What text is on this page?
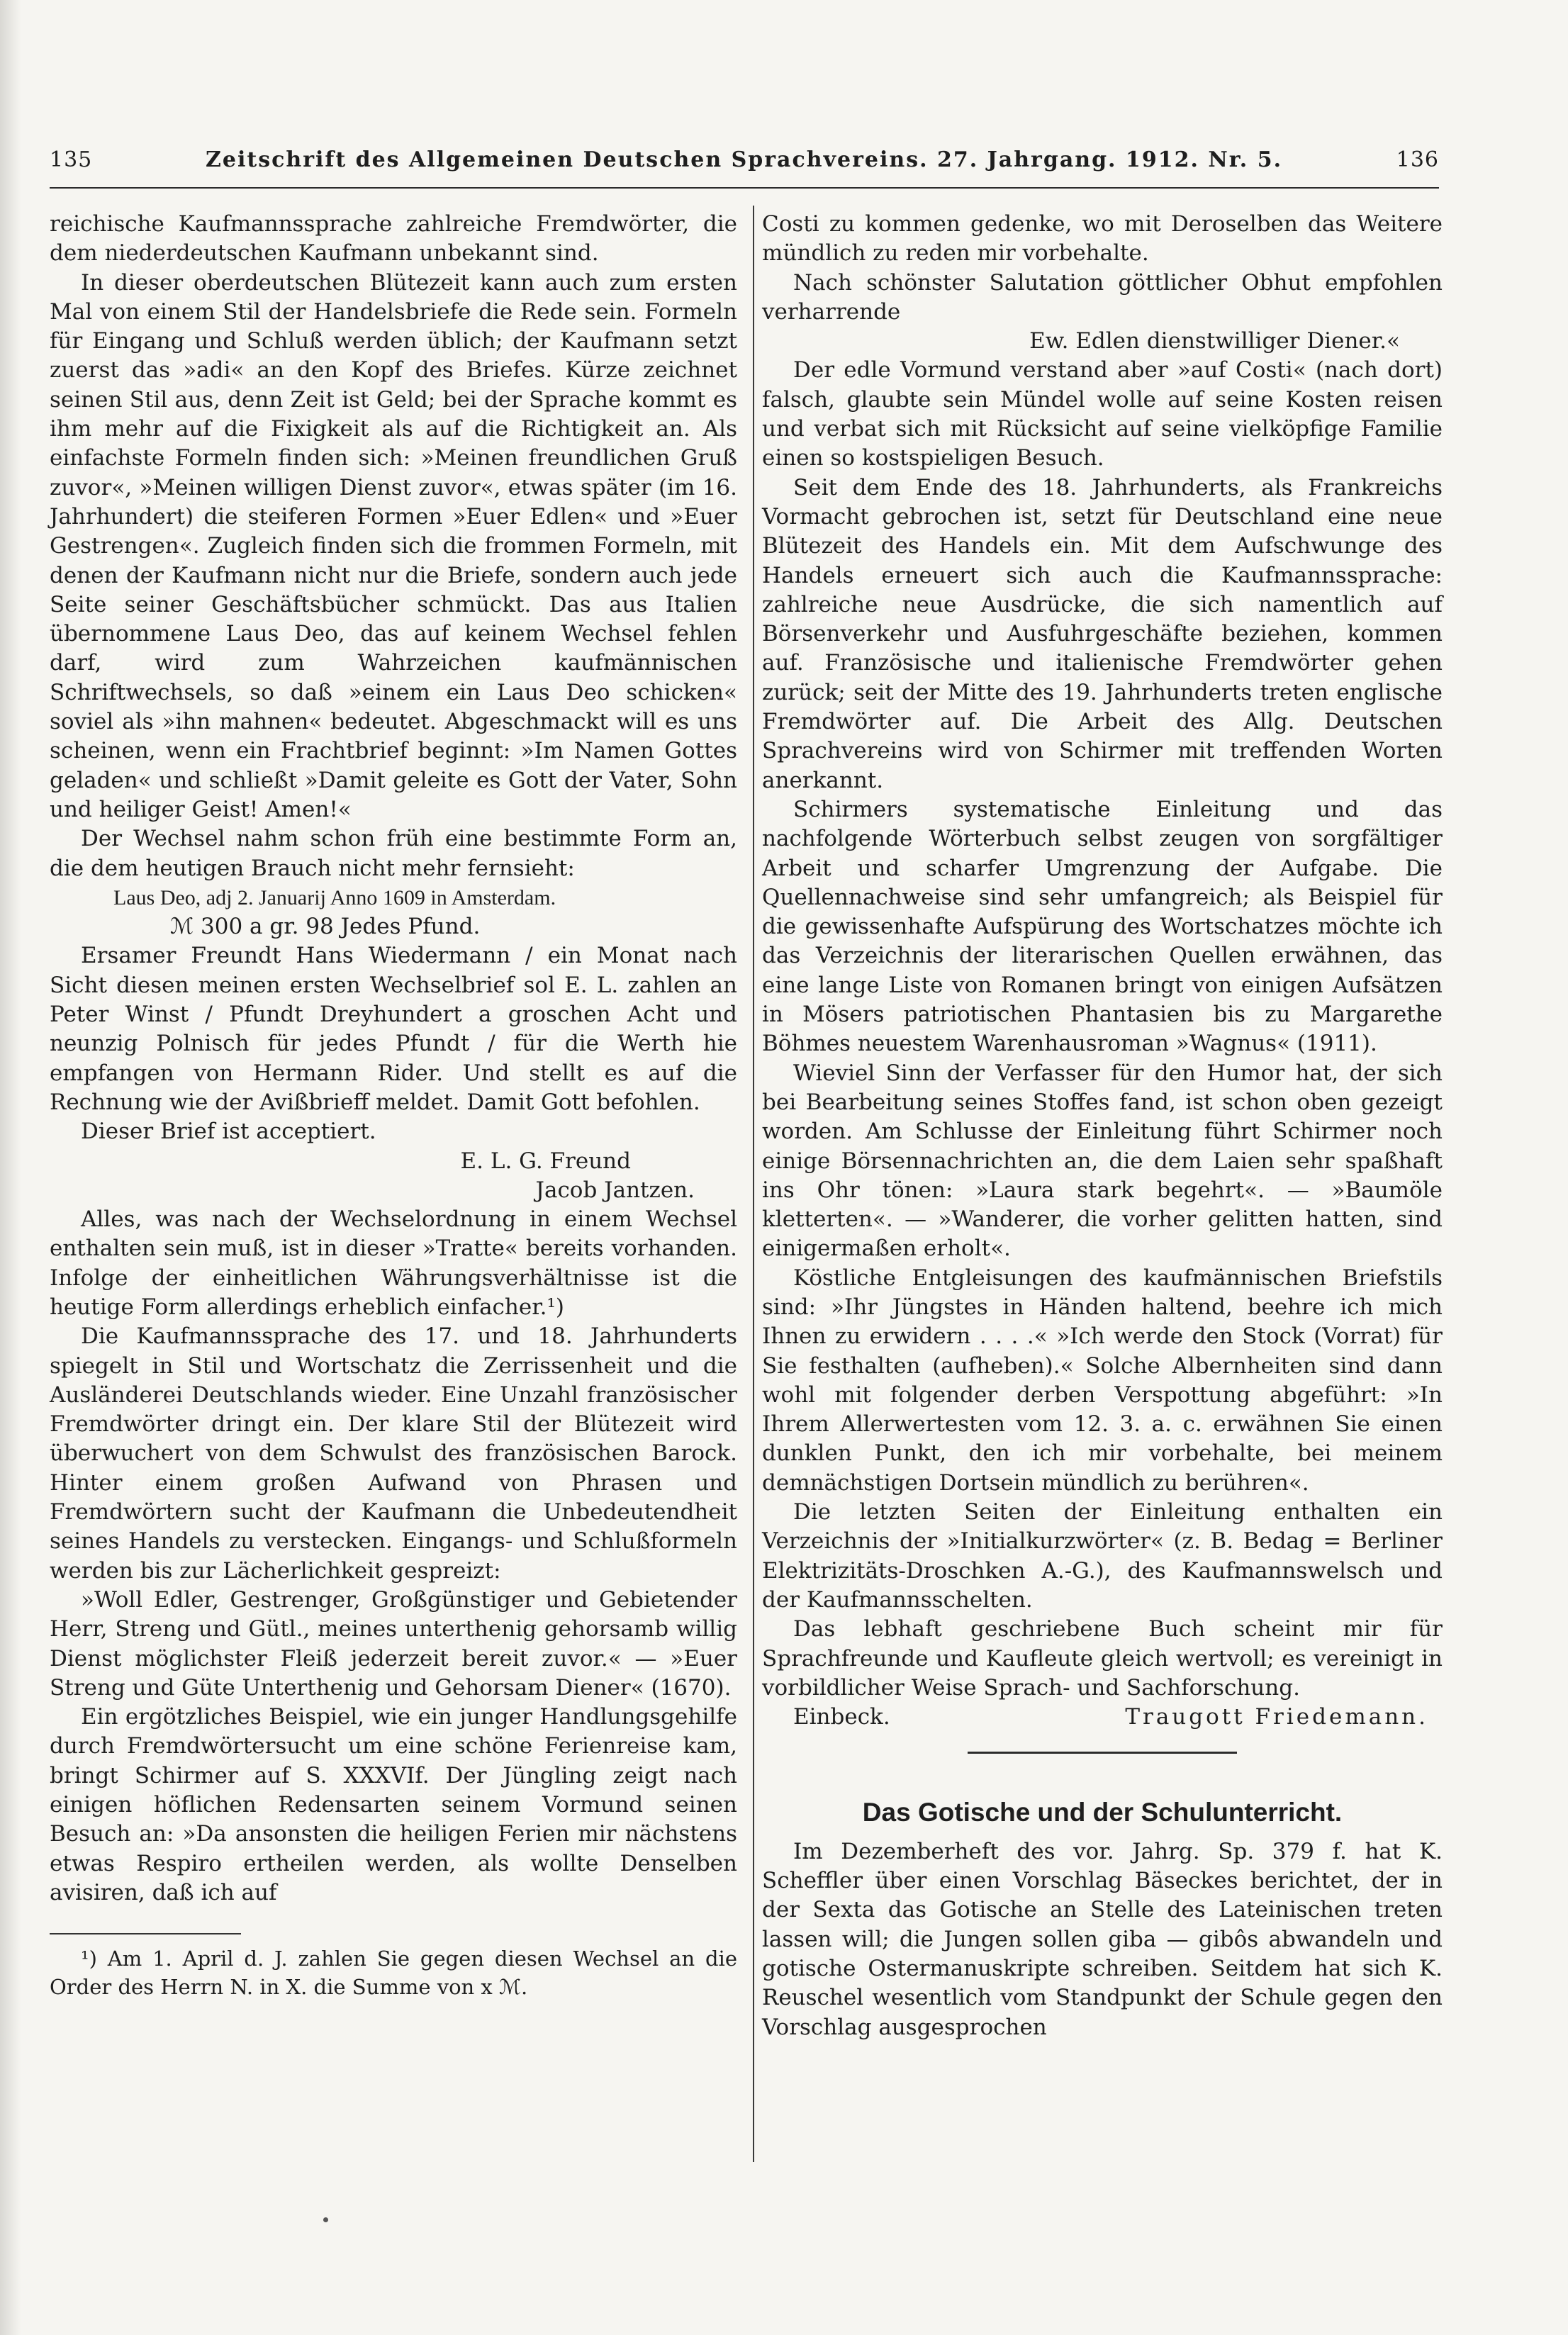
135	Zeitschrift des Allgemeinen Deutschen Sprachvereins. 27. Jahrgang. 1912. Nr. 5.	136

reichische Kaufmannssprache zahlreiche Fremdwörter, die dem niederdeutschen Kaufmann unbekannt sind.

In dieser oberdeutschen Blütezeit kann auch zum ersten Mal von einem Stil der Handelsbriefe die Rede sein. Formeln für Eingang und Schluß werden üblich; der Kaufmann setzt zuerst das »adi« an den Kopf des Briefes. Kürze zeichnet seinen Stil aus, denn Zeit ist Geld; bei der Sprache kommt es ihm mehr auf die Fixigkeit als auf die Richtigkeit an. Als einfachste Formeln finden sich: »Meinen freundlichen Gruß zuvor«, »Meinen willigen Dienst zuvor«, etwas später (im 16. Jahrhundert) die steiferen Formen »Euer Edlen« und »Euer Gestrengen«. Zugleich finden sich die frommen Formeln, mit denen der Kaufmann nicht nur die Briefe, sondern auch jede Seite seiner Geschäftsbücher schmückt. Das aus Italien übernommene Laus Deo, das auf keinem Wechsel fehlen darf, wird zum Wahrzeichen kaufmännischen Schriftwechsels, so daß »einem ein Laus Deo schicken« soviel als »ihn mahnen« bedeutet. Abgeschmackt will es uns scheinen, wenn ein Frachtbrief beginnt: »Im Namen Gottes geladen« und schließt »Damit geleite es Gott der Vater, Sohn und heiliger Geist! Amen!«

Der Wechsel nahm schon früh eine bestimmte Form an, die dem heutigen Brauch nicht mehr fernsieht:

Laus Deo, adj 2. Januarij Anno 1609 in Amsterdam.

ℳ 300 a gr. 98 Jedes Pfund.

Ersamer Freundt Hans Wiedermann / ein Monat nach Sicht diesen meinen ersten Wechselbrief sol E. L. zahlen an Peter Winst / Pfundt Dreyhundert a groschen Acht und neunzig Polnisch für jedes Pfundt / für die Werth hie empfangen von Hermann Rider. Und stellt es auf die Rechnung wie der Avißbrieff meldet. Damit Gott befohlen.

Dieser Brief ist acceptiert.

E. L. G. Freund

Jacob Jantzen.

Alles, was nach der Wechselordnung in einem Wechsel enthalten sein muß, ist in dieser »Tratte« bereits vorhanden. Infolge der einheitlichen Währungsverhältnisse ist die heutige Form allerdings erheblich einfacher.¹)

Die Kaufmannssprache des 17. und 18. Jahrhunderts spiegelt in Stil und Wortschatz die Zerrissenheit und die Ausländerei Deutschlands wieder. Eine Unzahl französischer Fremdwörter dringt ein. Der klare Stil der Blütezeit wird überwuchert von dem Schwulst des französischen Barock. Hinter einem großen Aufwand von Phrasen und Fremdwörtern sucht der Kaufmann die Unbedeutendheit seines Handels zu verstecken. Eingangs- und Schlußformeln werden bis zur Lächerlichkeit gespreizt:

»Woll Edler, Gestrenger, Großgünstiger und Gebietender Herr, Streng und Gütl., meines unterthenig gehorsamb willig Dienst möglichster Fleiß jederzeit bereit zuvor.« — »Euer Streng und Güte Unterthenig und Gehorsam Diener« (1670).

Ein ergötzliches Beispiel, wie ein junger Handlungsgehilfe durch Fremdwörtersucht um eine schöne Ferienreise kam, bringt Schirmer auf S. XXXVIf. Der Jüngling zeigt nach einigen höflichen Redensarten seinem Vormund seinen Besuch an: »Da ansonsten die heiligen Ferien mir nächstens etwas Respiro ertheilen werden, als wollte Denselben avisiren, daß ich auf

¹) Am 1. April d. J. zahlen Sie gegen diesen Wechsel an die Order des Herrn N. in X. die Summe von x ℳ.

Costi zu kommen gedenke, wo mit Deroselben das Weitere mündlich zu reden mir vorbehalte.

Nach schönster Salutation göttlicher Obhut empfohlen verharrende

Ew. Edlen dienstwilliger Diener.«

Der edle Vormund verstand aber »auf Costi« (nach dort) falsch, glaubte sein Mündel wolle auf seine Kosten reisen und verbat sich mit Rücksicht auf seine vielköpfige Familie einen so kostspieligen Besuch.

Seit dem Ende des 18. Jahrhunderts, als Frankreichs Vormacht gebrochen ist, setzt für Deutschland eine neue Blütezeit des Handels ein. Mit dem Aufschwunge des Handels erneuert sich auch die Kaufmannssprache: zahlreiche neue Ausdrücke, die sich namentlich auf Börsenverkehr und Ausfuhrgeschäfte beziehen, kommen auf. Französische und italienische Fremdwörter gehen zurück; seit der Mitte des 19. Jahrhunderts treten englische Fremdwörter auf. Die Arbeit des Allg. Deutschen Sprachvereins wird von Schirmer mit treffenden Worten anerkannt.

Schirmers systematische Einleitung und das nachfolgende Wörterbuch selbst zeugen von sorgfältiger Arbeit und scharfer Umgrenzung der Aufgabe. Die Quellennachweise sind sehr umfangreich; als Beispiel für die gewissenhafte Aufspürung des Wortschatzes möchte ich das Verzeichnis der literarischen Quellen erwähnen, das eine lange Liste von Romanen bringt von einigen Aufsätzen in Mösers patriotischen Phantasien bis zu Margarethe Böhmes neuestem Warenhausroman »Wagnus« (1911).

Wieviel Sinn der Verfasser für den Humor hat, der sich bei Bearbeitung seines Stoffes fand, ist schon oben gezeigt worden. Am Schlusse der Einleitung führt Schirmer noch einige Börsennachrichten an, die dem Laien sehr spaßhaft ins Ohr tönen: »Laura stark begehrt«. — »Baumöle kletterten«. — »Wanderer, die vorher gelitten hatten, sind einigermaßen erholt«.

Köstliche Entgleisungen des kaufmännischen Briefstils sind: »Ihr Jüngstes in Händen haltend, beehre ich mich Ihnen zu erwidern . . . .« »Ich werde den Stock (Vorrat) für Sie festhalten (aufheben).« Solche Albernheiten sind dann wohl mit folgender derben Verspottung abgeführt: »In Ihrem Allerwertesten vom 12. 3. a. c. erwähnen Sie einen dunklen Punkt, den ich mir vorbehalte, bei meinem demnächstigen Dortsein mündlich zu berühren«.

Die letzten Seiten der Einleitung enthalten ein Verzeichnis der »Initialkurzwörter« (z. B. Bedag = Berliner Elektrizitäts-Droschken A.-G.), des Kaufmannswelsch und der Kaufmannsschelten.

Das lebhaft geschriebene Buch scheint mir für Sprachfreunde und Kaufleute gleich wertvoll; es vereinigt in vorbildlicher Weise Sprach- und Sachforschung.

Einbeck.	Traugott Friedemann.

Das Gotische und der Schulunterricht.

Im Dezemberheft des vor. Jahrg. Sp. 379 f. hat K. Scheffler über einen Vorschlag Bäseckes berichtet, der in der Sexta das Gotische an Stelle des Lateinischen treten lassen will; die Jungen sollen giba — gibôs abwandeln und gotische Ostermanuskripte schreiben. Seitdem hat sich K. Reuschel wesentlich vom Standpunkt der Schule gegen den Vorschlag ausgesprochen
